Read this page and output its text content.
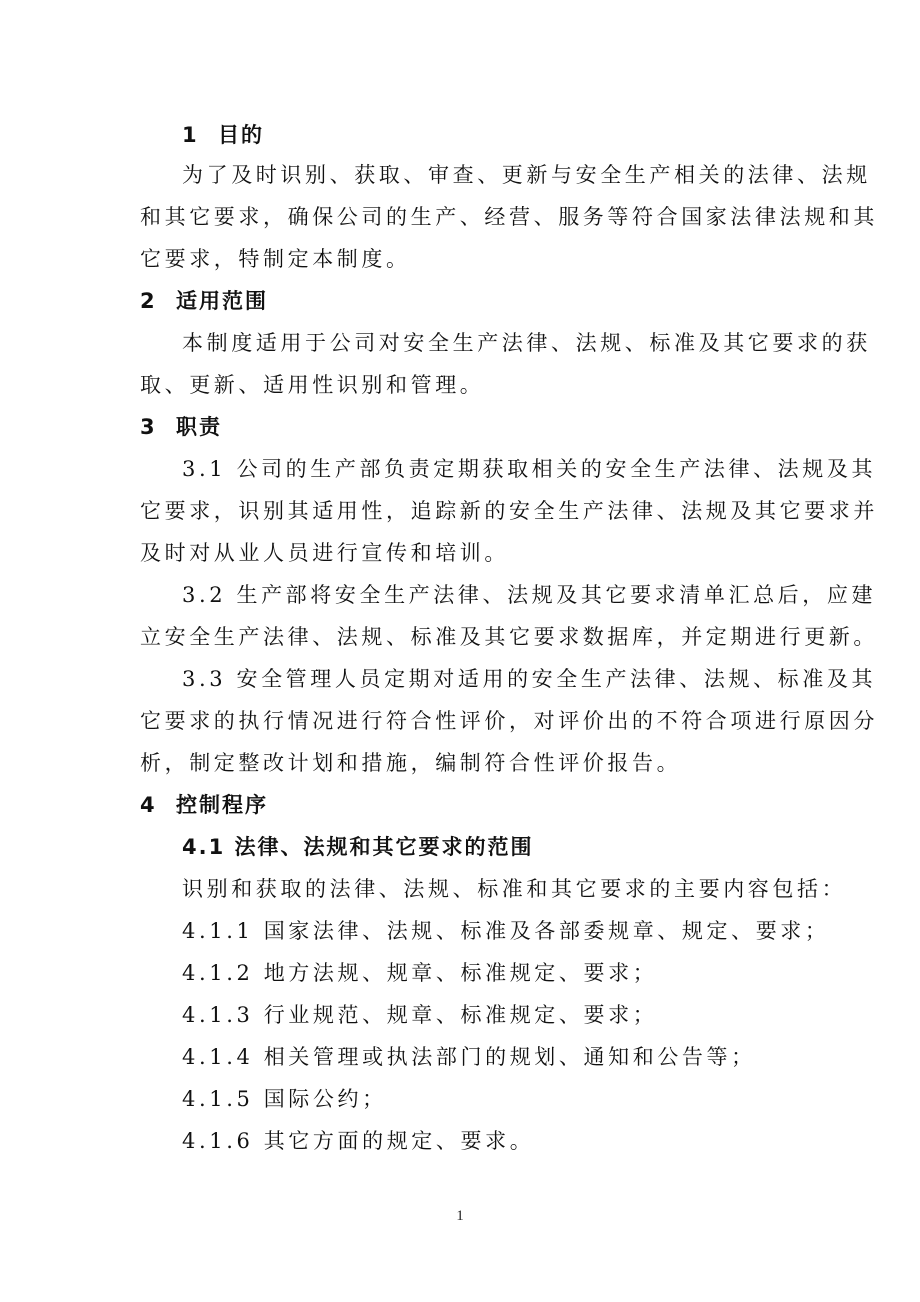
1 目的
为了及时识别、获取、审查、更新与安全生产相关的法律、法规
和其它要求，确保公司的生产、经营、服务等符合国家法律法规和其
它要求，特制定本制度。
2 适用范围
本制度适用于公司对安全生产法律、法规、标准及其它要求的获
取、更新、适用性识别和管理。
3 职责
3.1 公司的生产部负责定期获取相关的安全生产法律、法规及其
它要求，识别其适用性，追踪新的安全生产法律、法规及其它要求并
及时对从业人员进行宣传和培训。
3.2 生产部将安全生产法律、法规及其它要求清单汇总后，应建
立安全生产法律、法规、标准及其它要求数据库，并定期进行更新。
3.3 安全管理人员定期对适用的安全生产法律、法规、标准及其
它要求的执行情况进行符合性评价，对评价出的不符合项进行原因分
析，制定整改计划和措施，编制符合性评价报告。
4 控制程序
4.1 法律、法规和其它要求的范围
识别和获取的法律、法规、标准和其它要求的主要内容包括：
4.1.1 国家法律、法规、标准及各部委规章、规定、要求；
4.1.2 地方法规、规章、标准规定、要求；
4.1.3 行业规范、规章、标准规定、要求；
4.1.4 相关管理或执法部门的规划、通知和公告等；
4.1.5 国际公约；
4.1.6 其它方面的规定、要求。
1
